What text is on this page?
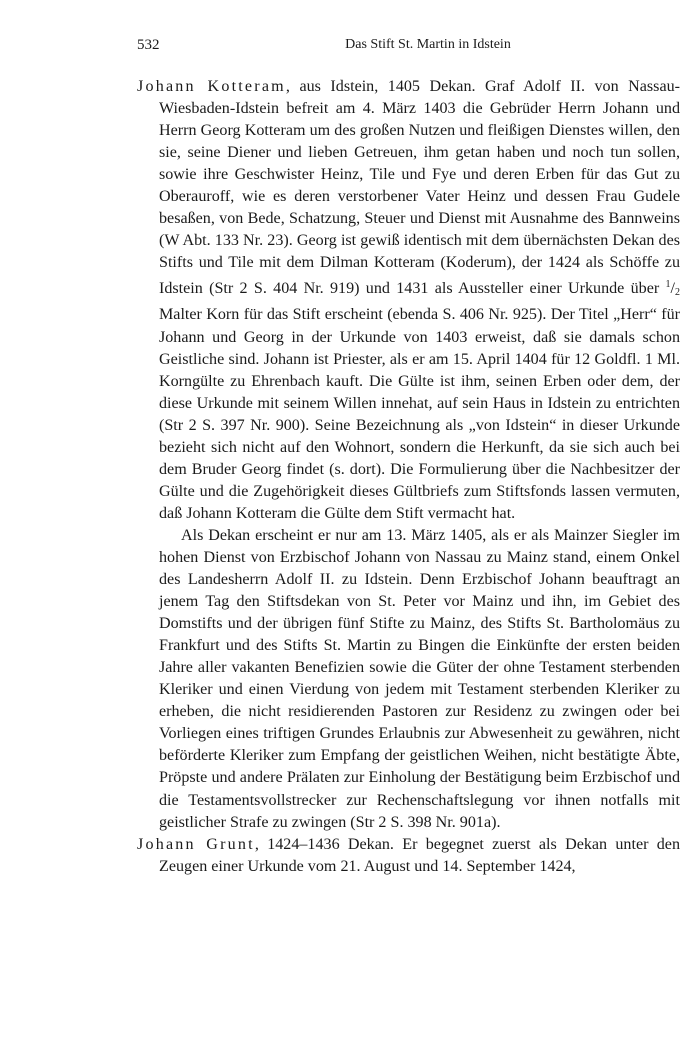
532	Das Stift St. Martin in Idstein

Johann Kotteram, aus Idstein, 1405 Dekan. Graf Adolf II. von Nassau-Wiesbaden-Idstein befreit am 4. März 1403 die Gebrüder Herrn Johann und Herrn Georg Kotteram um des großen Nutzen und fleißigen Dienstes willen, den sie, seine Diener und lieben Getreuen, ihm getan haben und noch tun sollen, sowie ihre Geschwister Heinz, Tile und Fye und deren Erben für das Gut zu Oberauroff, wie es deren verstorbener Vater Heinz und dessen Frau Gudele besaßen, von Bede, Schatzung, Steuer und Dienst mit Ausnahme des Bannweins (W Abt. 133 Nr. 23). Georg ist gewiß identisch mit dem übernächsten Dekan des Stifts und Tile mit dem Dilman Kotteram (Koderum), der 1424 als Schöffe zu Idstein (Str 2 S. 404 Nr. 919) und 1431 als Aussteller einer Urkunde über $^1/_2$ Malter Korn für das Stift erscheint (ebenda S. 406 Nr. 925). Der Titel „Herr“ für Johann und Georg in der Urkunde von 1403 erweist, daß sie damals schon Geistliche sind. Johann ist Priester, als er am 15. April 1404 für 12 Goldfl. 1 Ml. Korngülte zu Ehrenbach kauft. Die Gülte ist ihm, seinen Erben oder dem, der diese Urkunde mit seinem Willen innehat, auf sein Haus in Idstein zu entrichten (Str 2 S. 397 Nr. 900). Seine Bezeichnung als „von Idstein“ in dieser Urkunde bezieht sich nicht auf den Wohnort, sondern die Herkunft, da sie sich auch bei dem Bruder Georg findet (s. dort). Die Formulierung über die Nachbesitzer der Gülte und die Zugehörigkeit dieses Gültbriefs zum Stiftsfonds lassen vermuten, daß Johann Kotteram die Gülte dem Stift vermacht hat.

Als Dekan erscheint er nur am 13. März 1405, als er als Mainzer Siegler im hohen Dienst von Erzbischof Johann von Nassau zu Mainz stand, einem Onkel des Landesherrn Adolf II. zu Idstein. Denn Erzbischof Johann beauftragt an jenem Tag den Stiftsdekan von St. Peter vor Mainz und ihn, im Gebiet des Domstifts und der übrigen fünf Stifte zu Mainz, des Stifts St. Bartholomäus zu Frankfurt und des Stifts St. Martin zu Bingen die Einkünfte der ersten beiden Jahre aller vakanten Benefizien sowie die Güter der ohne Testament sterbenden Kleriker und einen Vierdung von jedem mit Testament sterbenden Kleriker zu erheben, die nicht residierenden Pastoren zur Residenz zu zwingen oder bei Vorliegen eines triftigen Grundes Erlaubnis zur Abwesenheit zu gewähren, nicht beförderte Kleriker zum Empfang der geistlichen Weihen, nicht bestätigte Äbte, Pröpste und andere Prälaten zur Einholung der Bestätigung beim Erzbischof und die Testamentsvollstrecker zur Rechenschaftslegung vor ihnen notfalls mit geistlicher Strafe zu zwingen (Str 2 S. 398 Nr. 901a).

Johann Grunt, 1424–1436 Dekan. Er begegnet zuerst als Dekan unter den Zeugen einer Urkunde vom 21. August und 14. September 1424,
